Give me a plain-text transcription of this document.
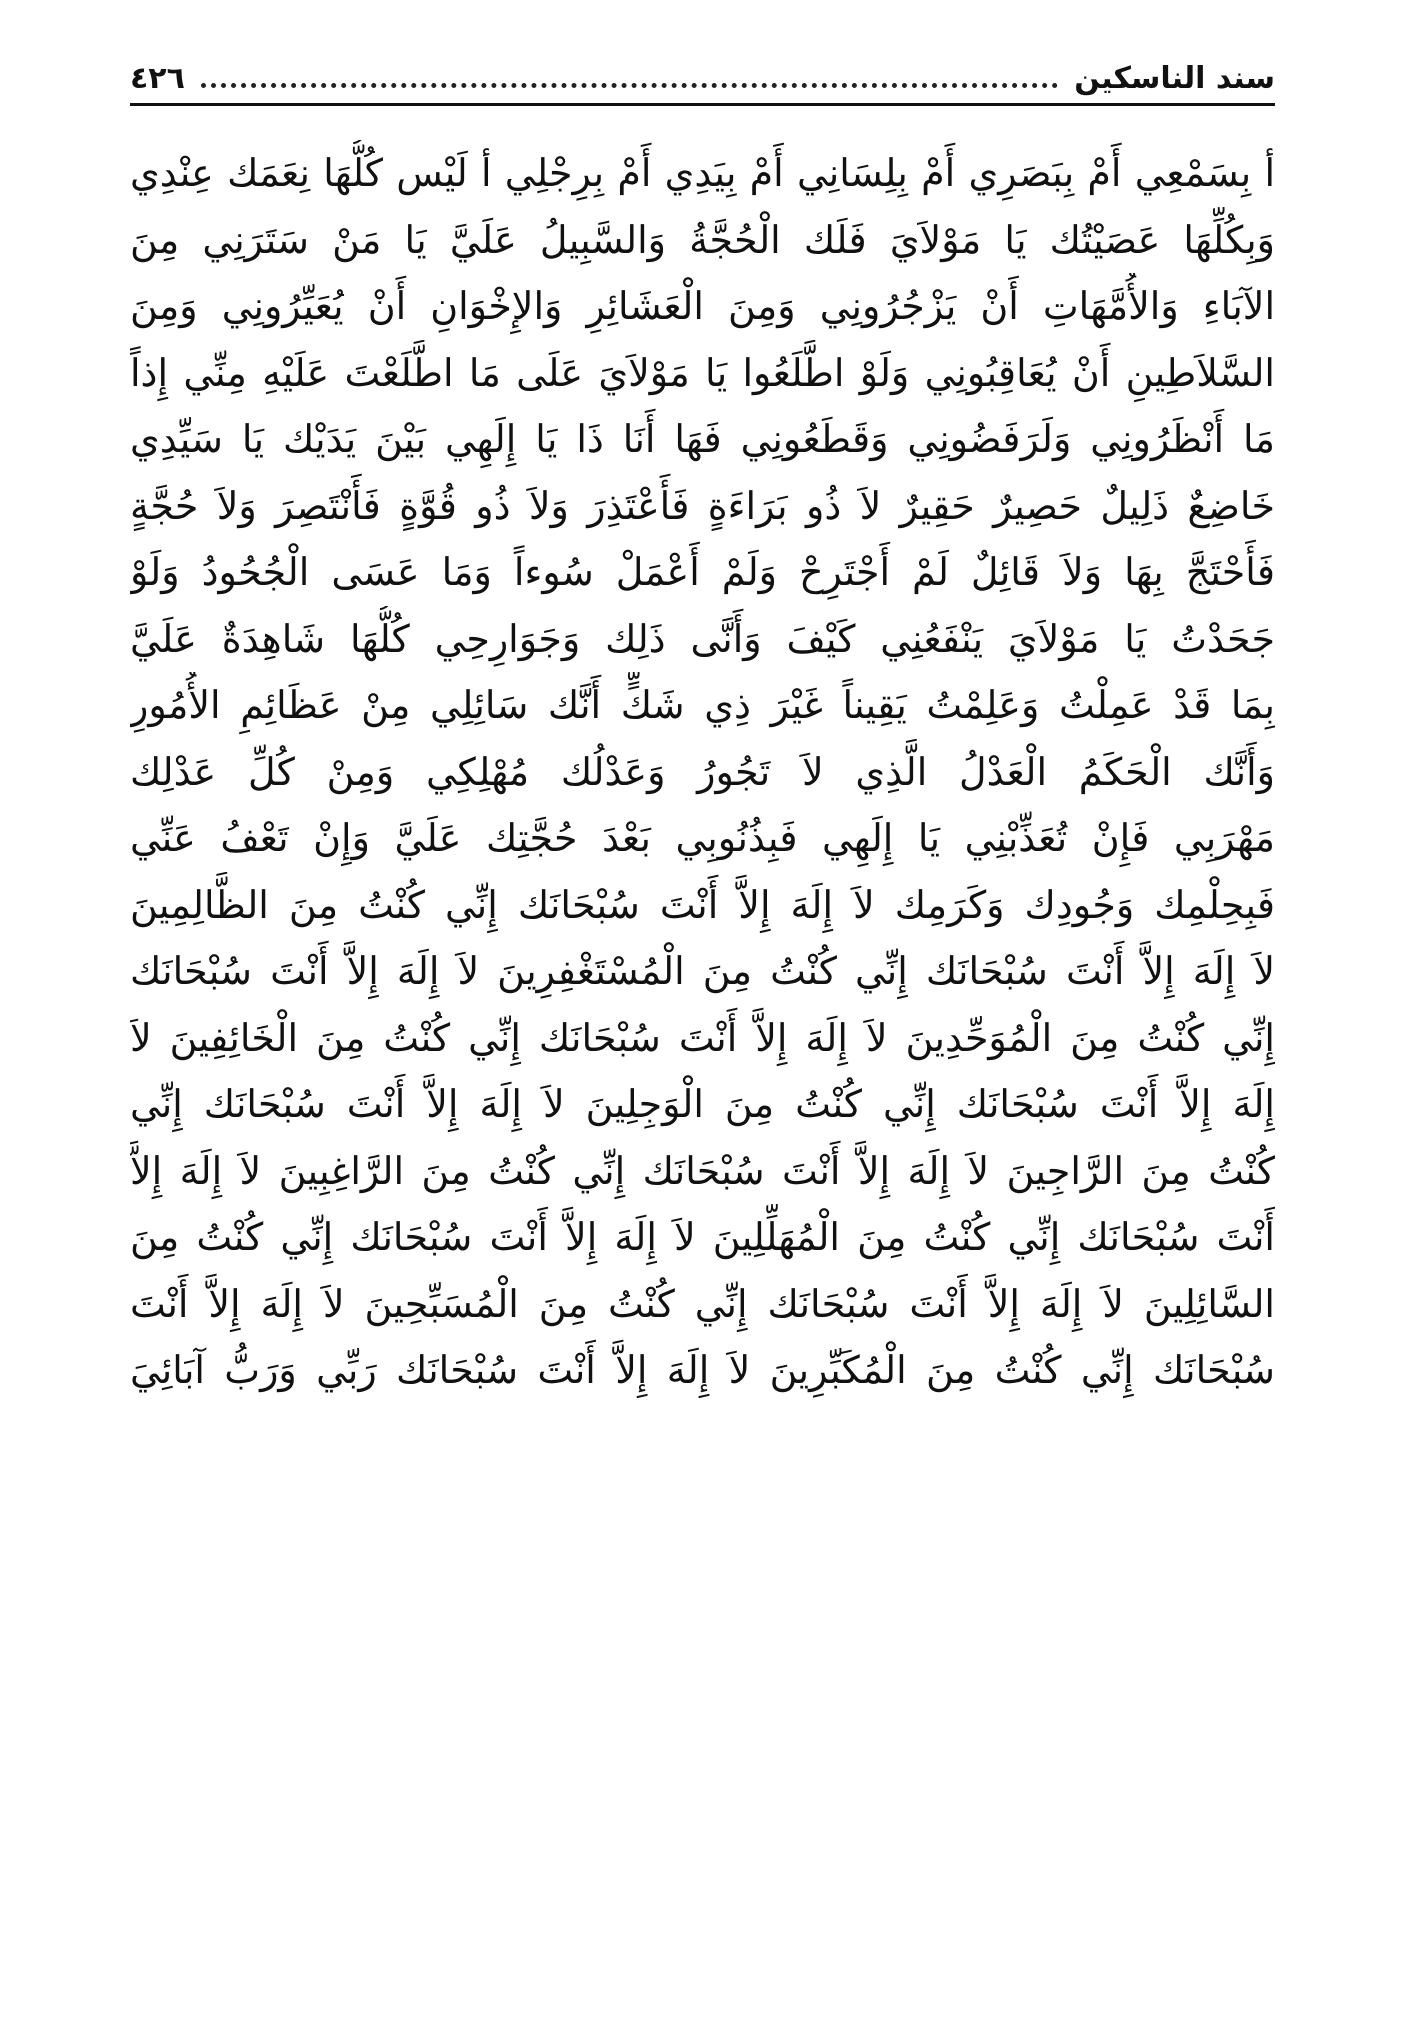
سند الناسكين
٤٢٦
أ بِسَمْعِي أَمْ بِبَصَرِي أَمْ بِلِسَانِي أَمْ بِيَدِي أَمْ بِرِجْلِي أ لَيْس كُلُّهَا نِعَمَك عِنْدِي
وَبِكُلِّهَا عَصَيْتُك يَا مَوْلاَيَ فَلَك الْحُجَّةُ وَالسَّبِيلُ عَلَيَّ يَا مَنْ سَتَرَنِي مِنَ
الآبَاءِ وَالأُمَّهَاتِ أَنْ يَزْجُرُونِي وَمِنَ الْعَشَائِرِ وَالإِخْوَانِ أَنْ يُعَيِّرُونِي وَمِنَ
السَّلاَطِينِ أَنْ يُعَاقِبُونِي وَلَوْ اطَّلَعُوا يَا مَوْلاَيَ عَلَى مَا اطَّلَعْتَ عَلَيْهِ مِنِّي إِذاً
مَا أَنْظَرُونِي وَلَرَفَضُونِي وَقَطَعُونِي فَهَا أَنَا ذَا يَا إِلَهِي بَيْنَ يَدَيْك يَا سَيِّدِي
خَاضِعٌ ذَلِيلٌ حَصِيرٌ حَقِيرٌ لاَ ذُو بَرَاءَةٍ فَأَعْتَذِرَ وَلاَ ذُو قُوَّةٍ فَأَنْتَصِرَ وَلاَ حُجَّةٍ
فَأَحْتَجَّ بِهَا وَلاَ قَائِلٌ لَمْ أَجْتَرِحْ وَلَمْ أَعْمَلْ سُوءاً وَمَا عَسَى الْجُحُودُ وَلَوْ
جَحَدْتُ يَا مَوْلاَيَ يَنْفَعُنِي كَيْفَ وَأَنَّى ذَلِك وَجَوَارِحِي كُلُّهَا شَاهِدَةٌ عَلَيَّ
بِمَا قَدْ عَمِلْتُ وَعَلِمْتُ يَقِيناً غَيْرَ ذِي شَكٍّ أَنَّك سَائِلِي مِنْ عَظَائِمِ الأُمُورِ
وَأَنَّك الْحَكَمُ الْعَدْلُ الَّذِي لاَ تَجُورُ وَعَدْلُك مُهْلِكِي وَمِنْ كُلِّ عَدْلِك
مَهْرَبِي فَإِنْ تُعَذِّبْنِي يَا إِلَهِي فَبِذُنُوبِي بَعْدَ حُجَّتِك عَلَيَّ وَإِنْ تَعْفُ عَنِّي
فَبِحِلْمِك وَجُودِك وَكَرَمِك لاَ إِلَهَ إِلاَّ أَنْتَ سُبْحَانَك إِنِّي كُنْتُ مِنَ الظَّالِمِينَ
لاَ إِلَهَ إِلاَّ أَنْتَ سُبْحَانَك إِنِّي كُنْتُ مِنَ الْمُسْتَغْفِرِينَ لاَ إِلَهَ إِلاَّ أَنْتَ سُبْحَانَك
إِنِّي كُنْتُ مِنَ الْمُوَحِّدِينَ لاَ إِلَهَ إِلاَّ أَنْتَ سُبْحَانَك إِنِّي كُنْتُ مِنَ الْخَائِفِينَ لاَ
إِلَهَ إِلاَّ أَنْتَ سُبْحَانَك إِنِّي كُنْتُ مِنَ الْوَجِلِينَ لاَ إِلَهَ إِلاَّ أَنْتَ سُبْحَانَك إِنِّي
كُنْتُ مِنَ الرَّاجِينَ لاَ إِلَهَ إِلاَّ أَنْتَ سُبْحَانَك إِنِّي كُنْتُ مِنَ الرَّاغِبِينَ لاَ إِلَهَ إِلاَّ
أَنْتَ سُبْحَانَك إِنِّي كُنْتُ مِنَ الْمُهَلِّلِينَ لاَ إِلَهَ إِلاَّ أَنْتَ سُبْحَانَك إِنِّي كُنْتُ مِنَ
السَّائِلِينَ لاَ إِلَهَ إِلاَّ أَنْتَ سُبْحَانَك إِنِّي كُنْتُ مِنَ الْمُسَبِّحِينَ لاَ إِلَهَ إِلاَّ أَنْتَ
سُبْحَانَك إِنِّي كُنْتُ مِنَ الْمُكَبِّرِينَ لاَ إِلَهَ إِلاَّ أَنْتَ سُبْحَانَك رَبِّي وَرَبُّ آبَائِيَ
